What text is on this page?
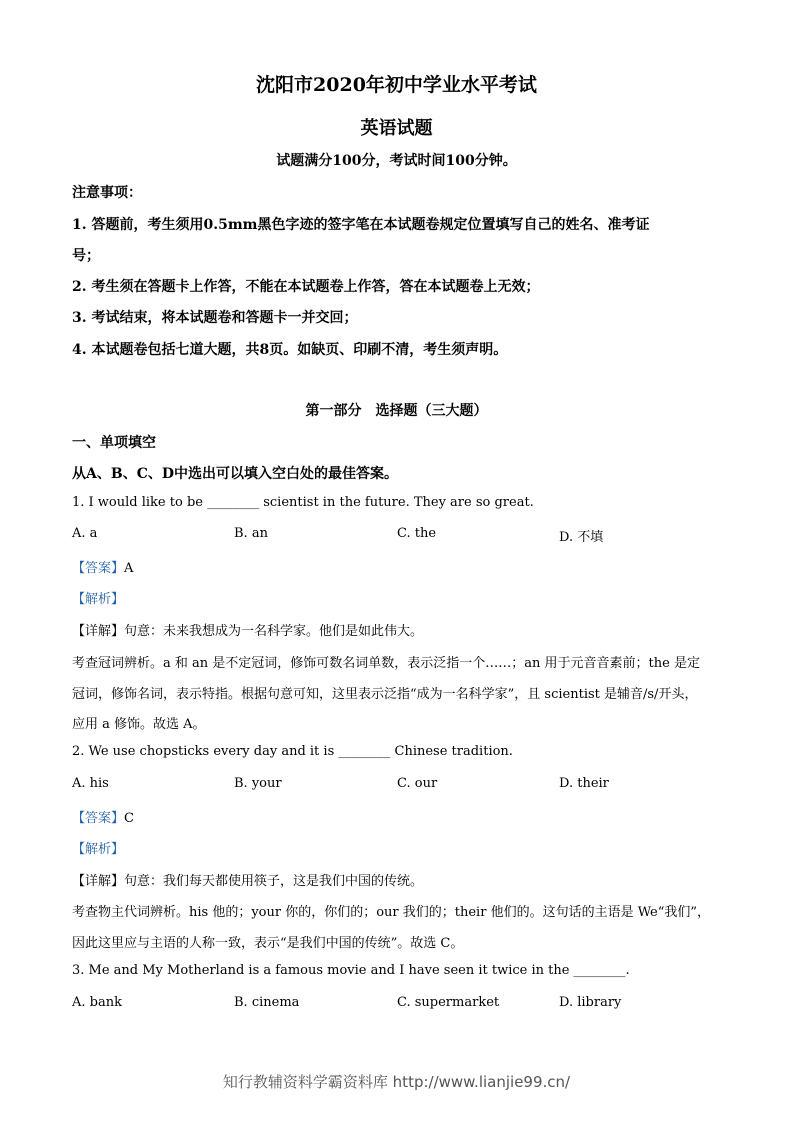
沈阳市2020年初中学业水平考试
英语试题
试题满分100分，考试时间100分钟。
注意事项：
1. 答题前，考生须用0.5mm黑色字迹的签字笔在本试题卷规定位置填写自己的姓名、准考证
号；
2. 考生须在答题卡上作答，不能在本试题卷上作答，答在本试题卷上无效；
3. 考试结束，将本试题卷和答题卡一并交回；
4. 本试题卷包括七道大题，共8页。如缺页、印刷不清，考生须声明。
第一部分　选择题（三大题）
一、单项填空
从A、B、C、D中选出可以填入空白处的最佳答案。
1. I would like to be ________ scientist in the future. They are so great.
A. a	B. an	C. the	D. 不填
【答案】A
【解析】
【详解】句意：未来我想成为一名科学家。他们是如此伟大。
考查冠词辨析。a 和 an 是不定冠词，修饰可数名词单数，表示泛指一个……；an 用于元音音素前；the 是定
冠词，修饰名词，表示特指。根据句意可知，这里表示泛指“成为一名科学家”，且 scientist 是辅音/s/开头，
应用 a 修饰。故选 A。
2. We use chopsticks every day and it is ________ Chinese tradition.
A. his	B. your	C. our	D. their
【答案】C
【解析】
【详解】句意：我们每天都使用筷子，这是我们中国的传统。
考查物主代词辨析。his 他的；your 你的，你们的；our 我们的；their 他们的。这句话的主语是 We“我们”，
因此这里应与主语的人称一致，表示“是我们中国的传统”。故选 C。
3. Me and My Motherland is a famous movie and I have seen it twice in the ________.
A. bank	B. cinema	C. supermarket	D. library
知行教辅资料学霸资料库 http://www.lianjie99.cn/
